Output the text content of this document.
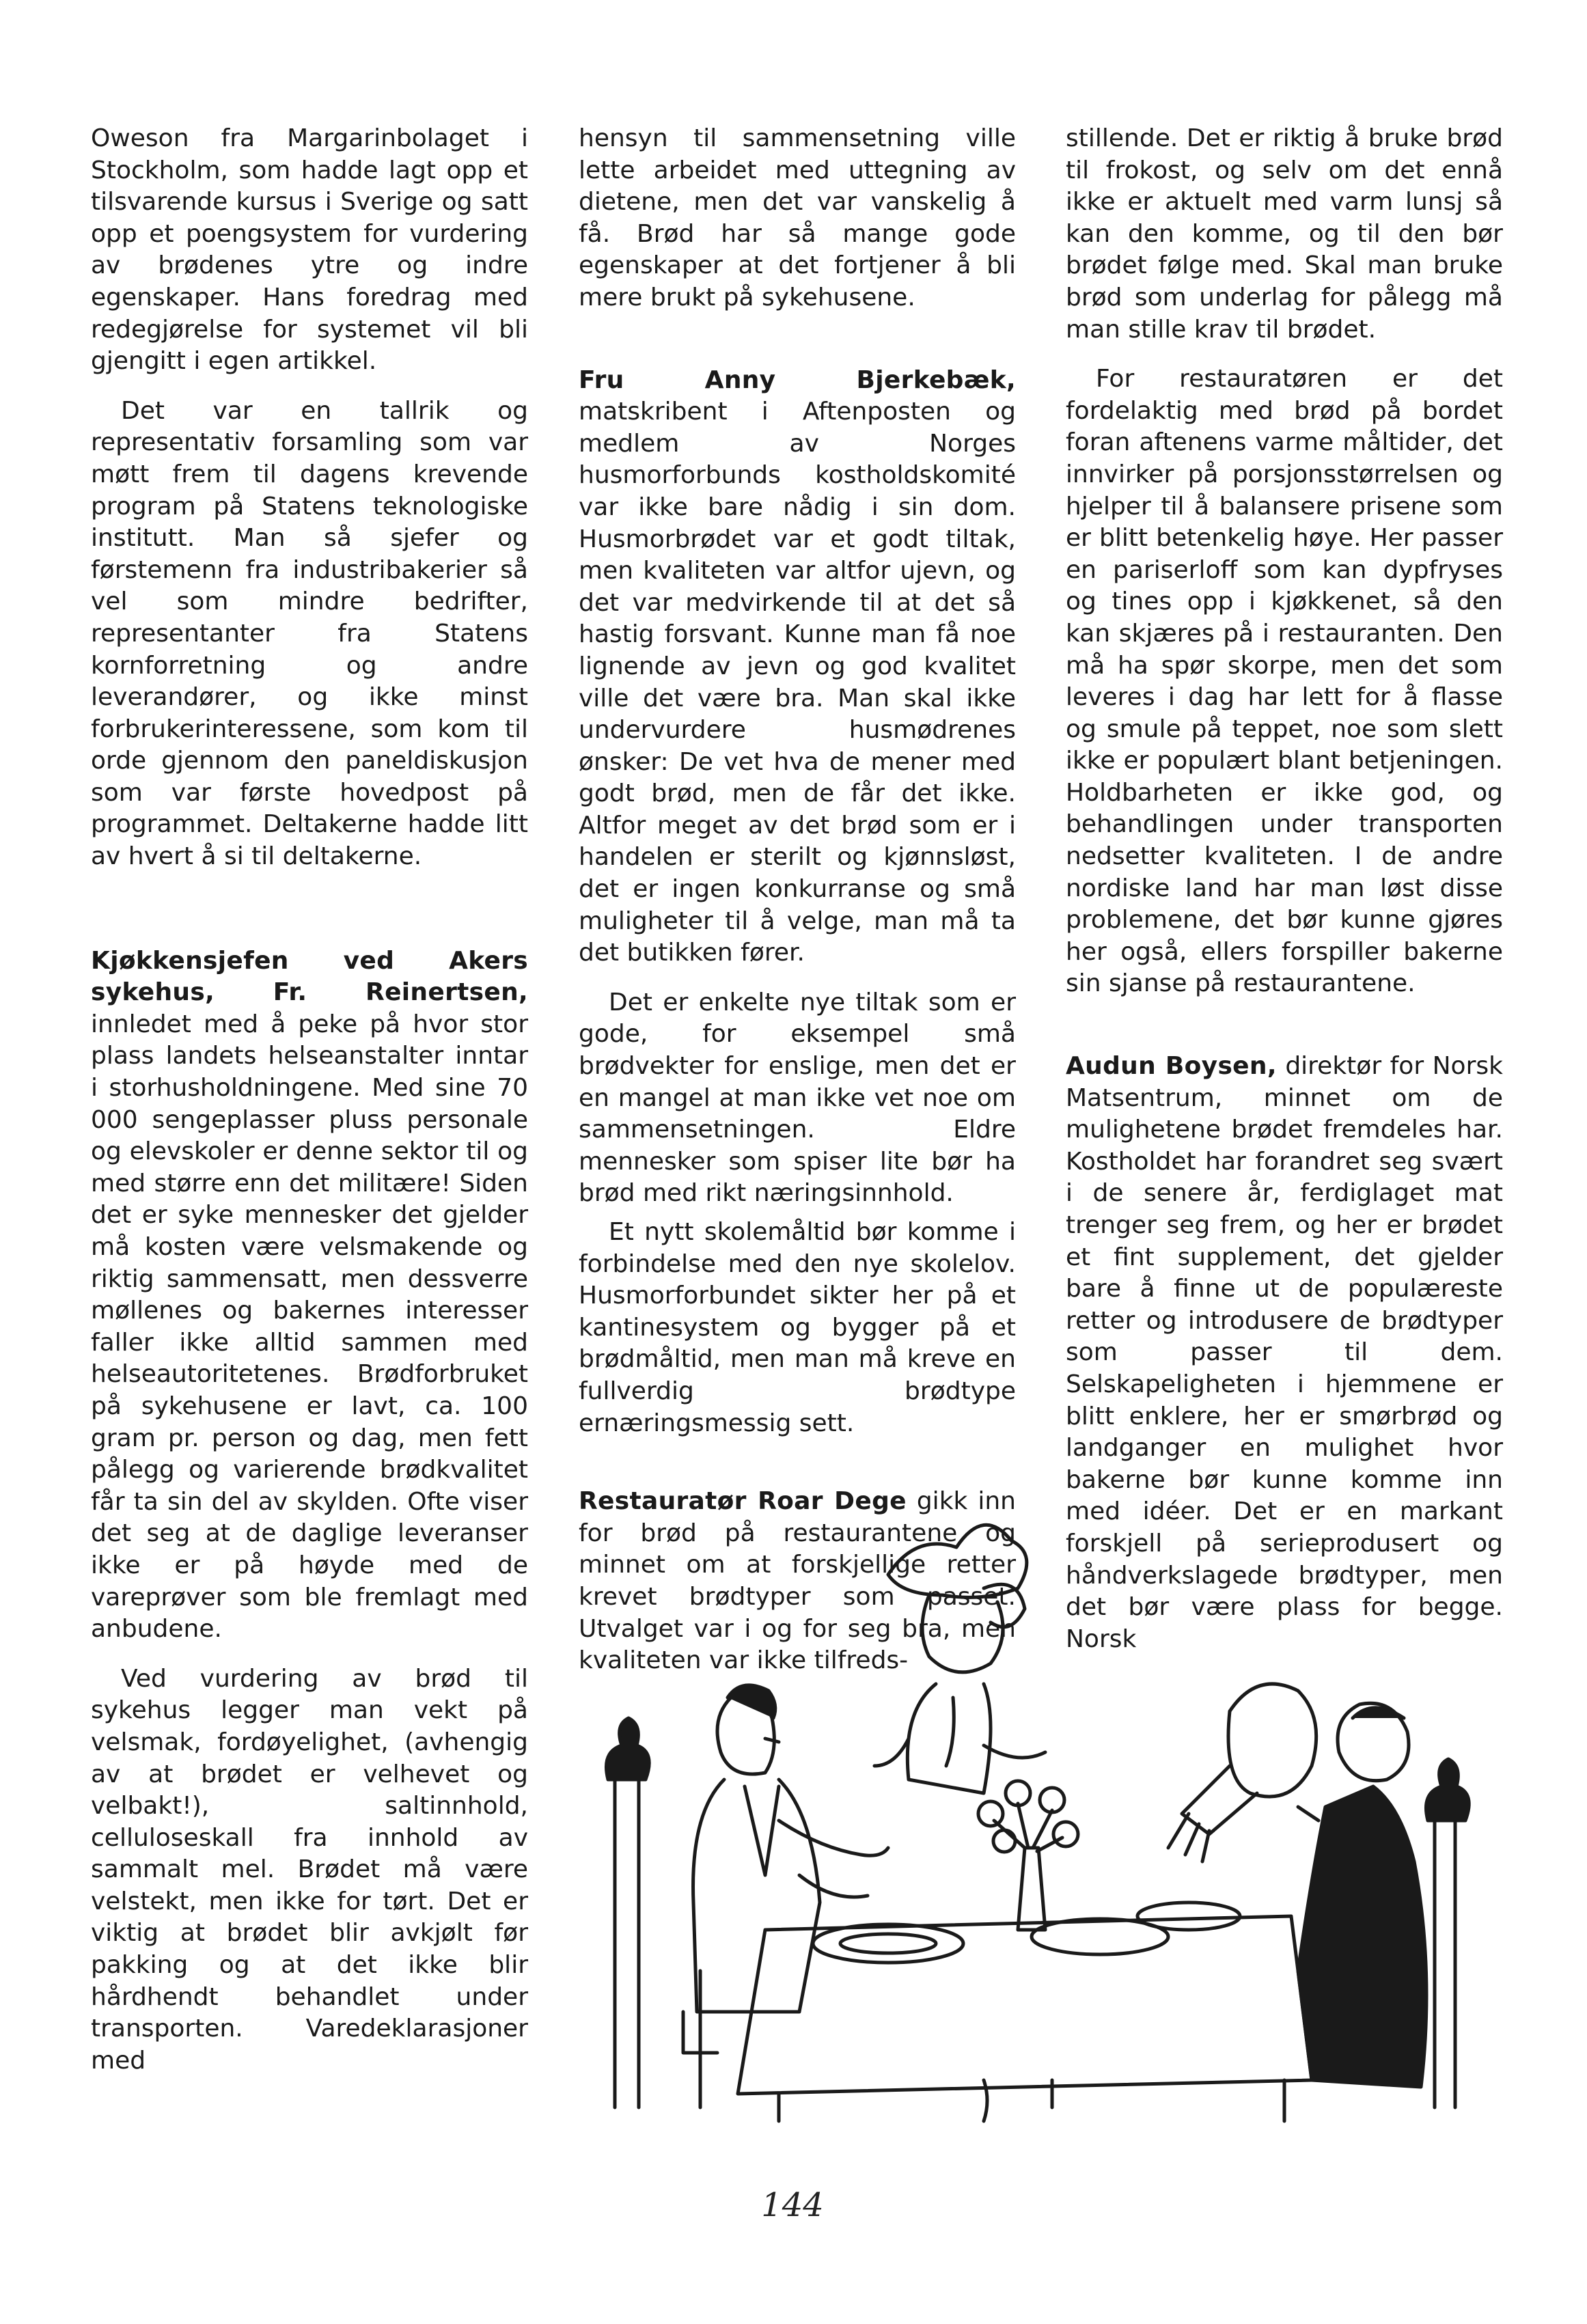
Oweson fra Margarinbolaget i Stockholm, som hadde lagt opp et tilsvarende kursus i Sverige og satt opp et poengsystem for vurdering av brødenes ytre og indre egenskaper. Hans foredrag med redegjørelse for systemet vil bli gjengitt i egen artikkel.

Det var en tallrik og representativ forsamling som var møtt frem til dagens krevende program på Statens teknologiske institutt. Man så sjefer og førstemenn fra industribakerier så vel som mindre bedrifter, representanter fra Statens kornforretning og andre leverandører, og ikke minst forbrukerinteressene, som kom til orde gjennom den paneldiskusjon som var første hovedpost på programmet. Deltakerne hadde litt av hvert å si til deltakerne.

Kjøkkensjefen ved Akers sykehus, Fr. Reinertsen, innledet med å peke på hvor stor plass landets helseanstalter inntar i storhusholdningene. Med sine 70 000 sengeplasser pluss personale og elevskoler er denne sektor til og med større enn det militære! Siden det er syke mennesker det gjelder må kosten være velsmakende og riktig sammensatt, men dessverre møllenes og bakernes interesser faller ikke alltid sammen med helseautoritetenes. Brødforbruket på sykehusene er lavt, ca. 100 gram pr. person og dag, men fett pålegg og varierende brødkvalitet får ta sin del av skylden. Ofte viser det seg at de daglige leveranser ikke er på høyde med de vareprøver som ble fremlagt med anbudene.

Ved vurdering av brød til sykehus legger man vekt på velsmak, fordøyelighet, (avhengig av at brødet er velhevet og velbakt!), saltinnhold, celluloseskall fra innhold av sammalt mel. Brødet må være velstekt, men ikke for tørt. Det er viktig at brødet blir avkjølt før pakking og at det ikke blir hårdhendt behandlet under transporten. Varedeklarasjoner med

hensyn til sammensetning ville lette arbeidet med uttegning av dietene, men det var vanskelig å få. Brød har så mange gode egenskaper at det fortjener å bli mere brukt på sykehusene.

Fru Anny Bjerkebæk, matskribent i Aftenposten og medlem av Norges husmorforbunds kostholdskomité var ikke bare nådig i sin dom. Husmorbrødet var et godt tiltak, men kvaliteten var altfor ujevn, og det var medvirkende til at det så hastig forsvant. Kunne man få noe lignende av jevn og god kvalitet ville det være bra. Man skal ikke undervurdere husmødrenes ønsker: De vet hva de mener med godt brød, men de får det ikke. Altfor meget av det brød som er i handelen er sterilt og kjønnsløst, det er ingen konkurranse og små muligheter til å velge, man må ta det butikken fører.

Det er enkelte nye tiltak som er gode, for eksempel små brødvekter for enslige, men det er en mangel at man ikke vet noe om sammensetningen. Eldre mennesker som spiser lite bør ha brød med rikt næringsinnhold.

Et nytt skolemåltid bør komme i forbindelse med den nye skolelov. Husmorforbundet sikter her på et kantinesystem og bygger på et brødmåltid, men man må kreve en fullverdig brødtype ernæringsmessig sett.

Restauratør Roar Dege gikk inn for brød på restaurantene og minnet om at forskjellige retter krevet brødtyper som passet. Utvalget var i og for seg bra, men kvaliteten var ikke tilfreds-

stillende. Det er riktig å bruke brød til frokost, og selv om det ennå ikke er aktuelt med varm lunsj så kan den komme, og til den bør brødet følge med. Skal man bruke brød som underlag for pålegg må man stille krav til brødet.

For restauratøren er det fordelaktig med brød på bordet foran aftenens varme måltider, det innvirker på porsjonsstørrelsen og hjelper til å balansere prisene som er blitt betenkelig høye. Her passer en pariserloff som kan dypfryses og tines opp i kjøkkenet, så den kan skjæres på i restauranten. Den må ha spør skorpe, men det som leveres i dag har lett for å flasse og smule på teppet, noe som slett ikke er populært blant betjeningen. Holdbarheten er ikke god, og behandlingen under transporten nedsetter kvaliteten. I de andre nordiske land har man løst disse problemene, det bør kunne gjøres her også, ellers forspiller bakerne sin sjanse på restaurantene.

Audun Boysen, direktør for Norsk Matsentrum, minnet om de mulighetene brødet fremdeles har. Kostholdet har forandret seg svært i de senere år, ferdiglaget mat trenger seg frem, og her er brødet et fint supplement, det gjelder bare å finne ut de populæreste retter og introdusere de brødtyper som passer til dem. Selskapeligheten i hjemmene er blitt enklere, her er smørbrød og landganger en mulighet hvor bakerne bør kunne komme inn med idéer. Det er en markant forskjell på serieprodusert og håndverkslagede brødtyper, men det bør være plass for begge. Norsk

144
